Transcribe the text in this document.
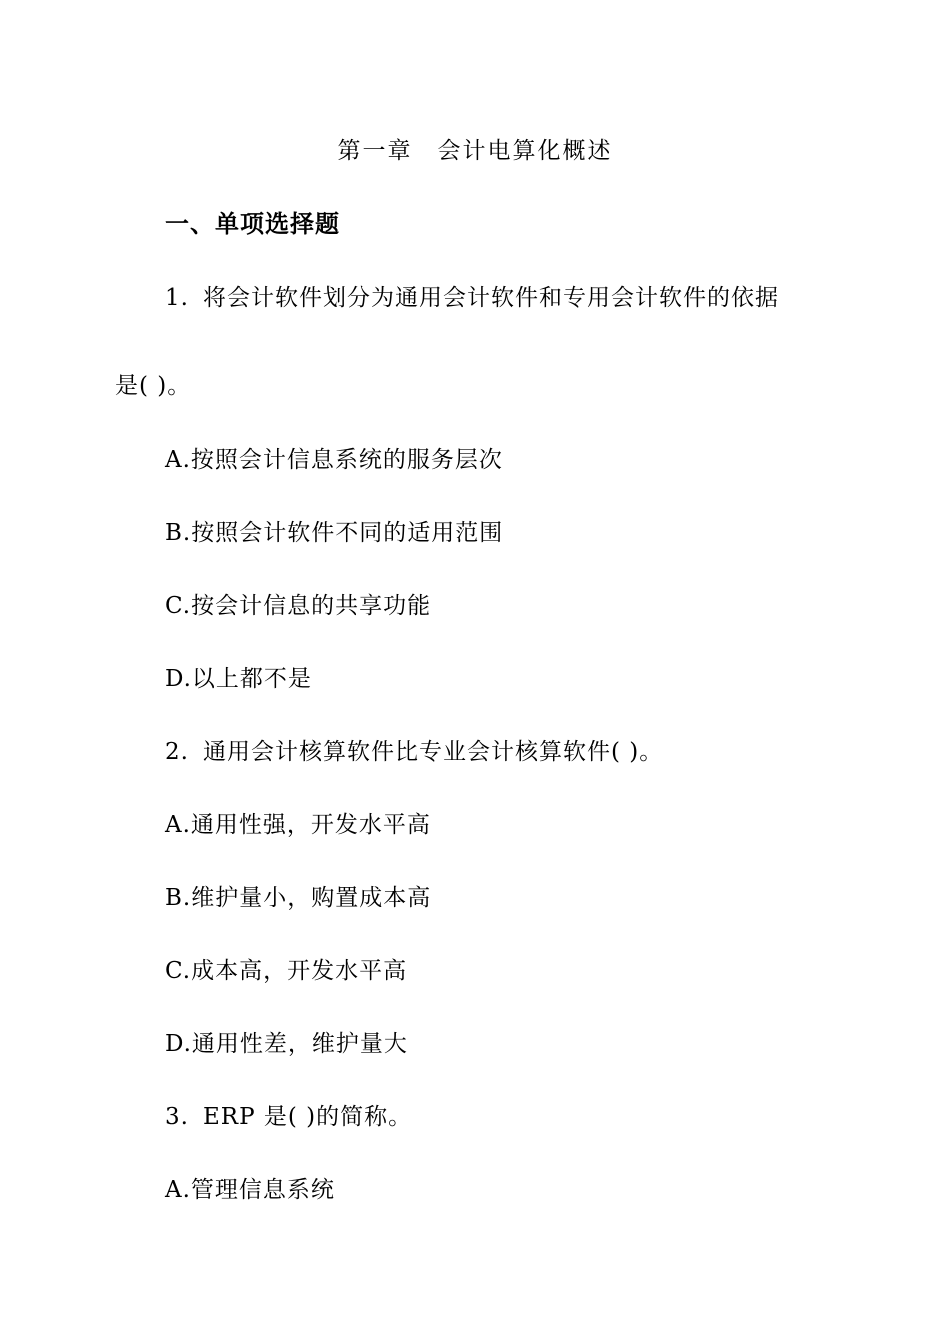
第一章　会计电算化概述
一、单项选择题
1. 将会计软件划分为通用会计软件和专用会计软件的依据
是( )。
A.按照会计信息系统的服务层次
B.按照会计软件不同的适用范围
C.按会计信息的共享功能
D.以上都不是
2. 通用会计核算软件比专业会计核算软件( )。
A.通用性强，开发水平高
B.维护量小，购置成本高
C.成本高，开发水平高
D.通用性差，维护量大
3. ERP 是( )的简称。
A.管理信息系统
